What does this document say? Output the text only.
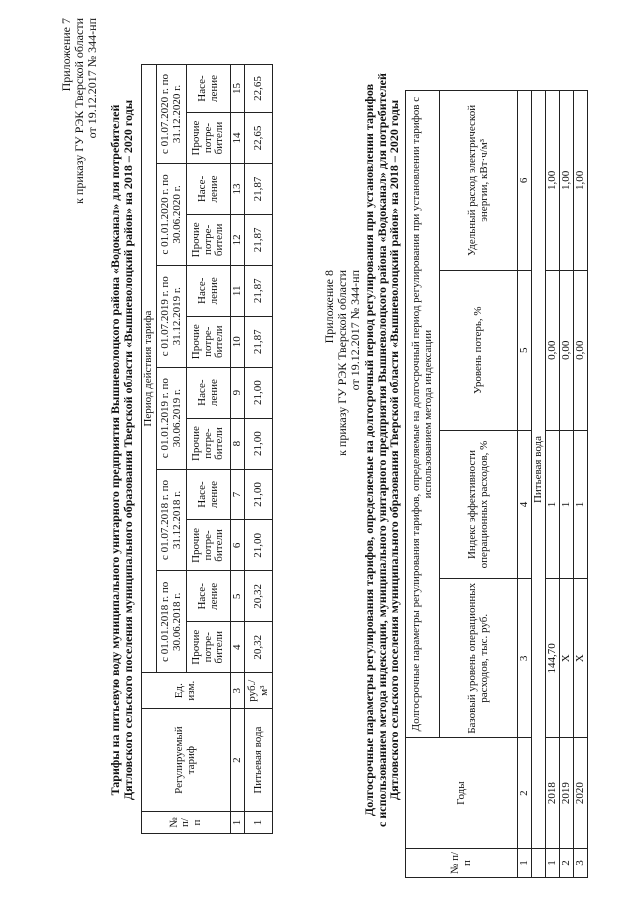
Приложение 7 к приказу ГУ РЭК Тверской области от 19.12.2017 № 344-нп
Тарифы на питьевую воду муниципального унитарного предприятия Вышневолоцкого района «Водоканал» для потребителей Дятловского сельского поселения муниципального образования Тверской области «Вышневолоцкий район» на 2018 – 2020 годы
№ п/ п	Регулируемый тариф	Ед. изм.	Период действия тарифа											
			с 01.01.2018 г. по 30.06.2018 г.		с 01.07.2018 г. по 31.12.2018 г.		с 01.01.2019 г. по 30.06.2019 г.		с 01.07.2019 г. по 31.12.2019 г.		с 01.01.2020 г. по 30.06.2020 г.		с 01.07.2020 г. по 31.12.2020 г.	
			Прочие потре- бители	Насе- ление	Прочие потре- бители	Насе- ление	Прочие потре- бители	Насе- ление	Прочие потре- бители	Насе- ление	Прочие потре- бители	Насе- ление	Прочие потре- бители	Насе- ление
1	2	3	4	5	6	7	8	9	10	11	12	13	14	15
1	Питьевая вода	руб./ м³	20,32	20,32	21,00	21,00	21,00	21,00	21,87	21,87	21,87	21,87	22,65	22,65
Приложение 8 к приказу ГУ РЭК Тверской области от 19.12.2017 № 344-нп Долгосрочные параметры регулирования тарифов, определяемые на долгосрочный период регулирования при установлении тарифов
с использованием метода индексации, муниципального унитарного предприятия Вышневолоцкого района «Водоканал» для потребителей
Дятловского сельского поселения муниципального образования Тверской области «Вышневолоцкий район» на 2018 – 2020 годы
№ п/п	Годы	Долгосрочные параметры регулирования тарифов, определяемые на долгосрочный период регулирования при установлении тарифов с использованием метода индексации			
		Базовый уровень операционных расходов, тыс. руб.	Индекс эффективности операционных расходов, %	Уровень потерь, %	Удельный расход электрической энергии, кВт·ч/м³
1	2	3	4	5	6
	Питьевая вода				
1	2018	144,70	1	0,00	1,00
2	2019	Х	1	0,00	1,00
3	2020	Х	1	0,00	1,00
